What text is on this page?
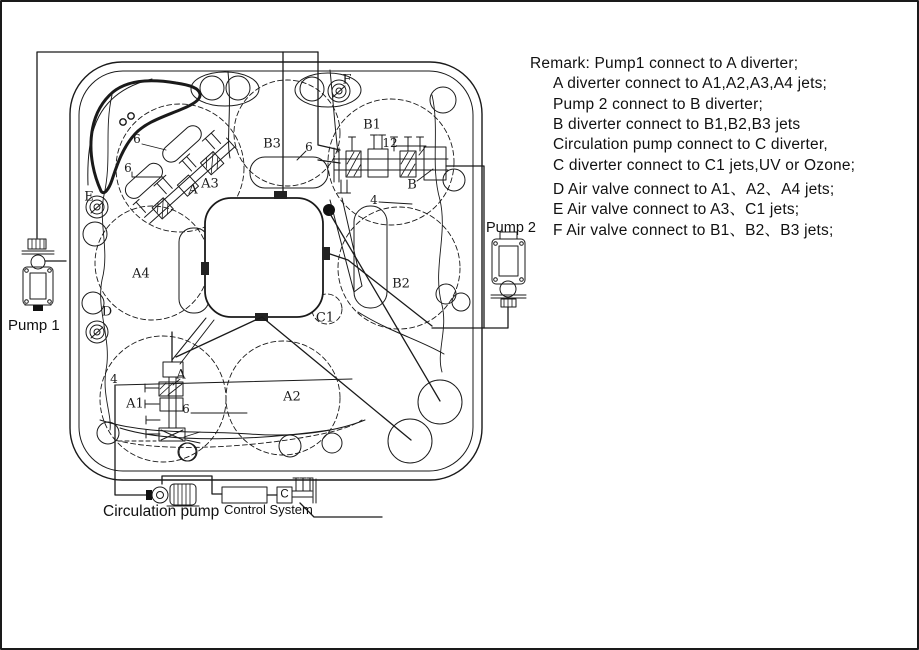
B3
6
6
6
B1
12
A A3	B
4
F
E
D
A4
B2
C1
A
4
A1	6
A2
Pump 1
Pump 2
Circulation pump Control System
C
Remark: Pump1 connect to A diverter;
A diverter connect to A1,A2,A3,A4 jets;
Pump 2 connect to B diverter;
B diverter connect to B1,B2,B3 jets
Circulation pump connect to C diverter,
C diverter connect to C1 jets,UV or Ozone;
D Air valve connect to A1、A2、A4 jets;
E Air valve connect to A3、C1 jets;
F Air valve connect to B1、B2、B3 jets;
